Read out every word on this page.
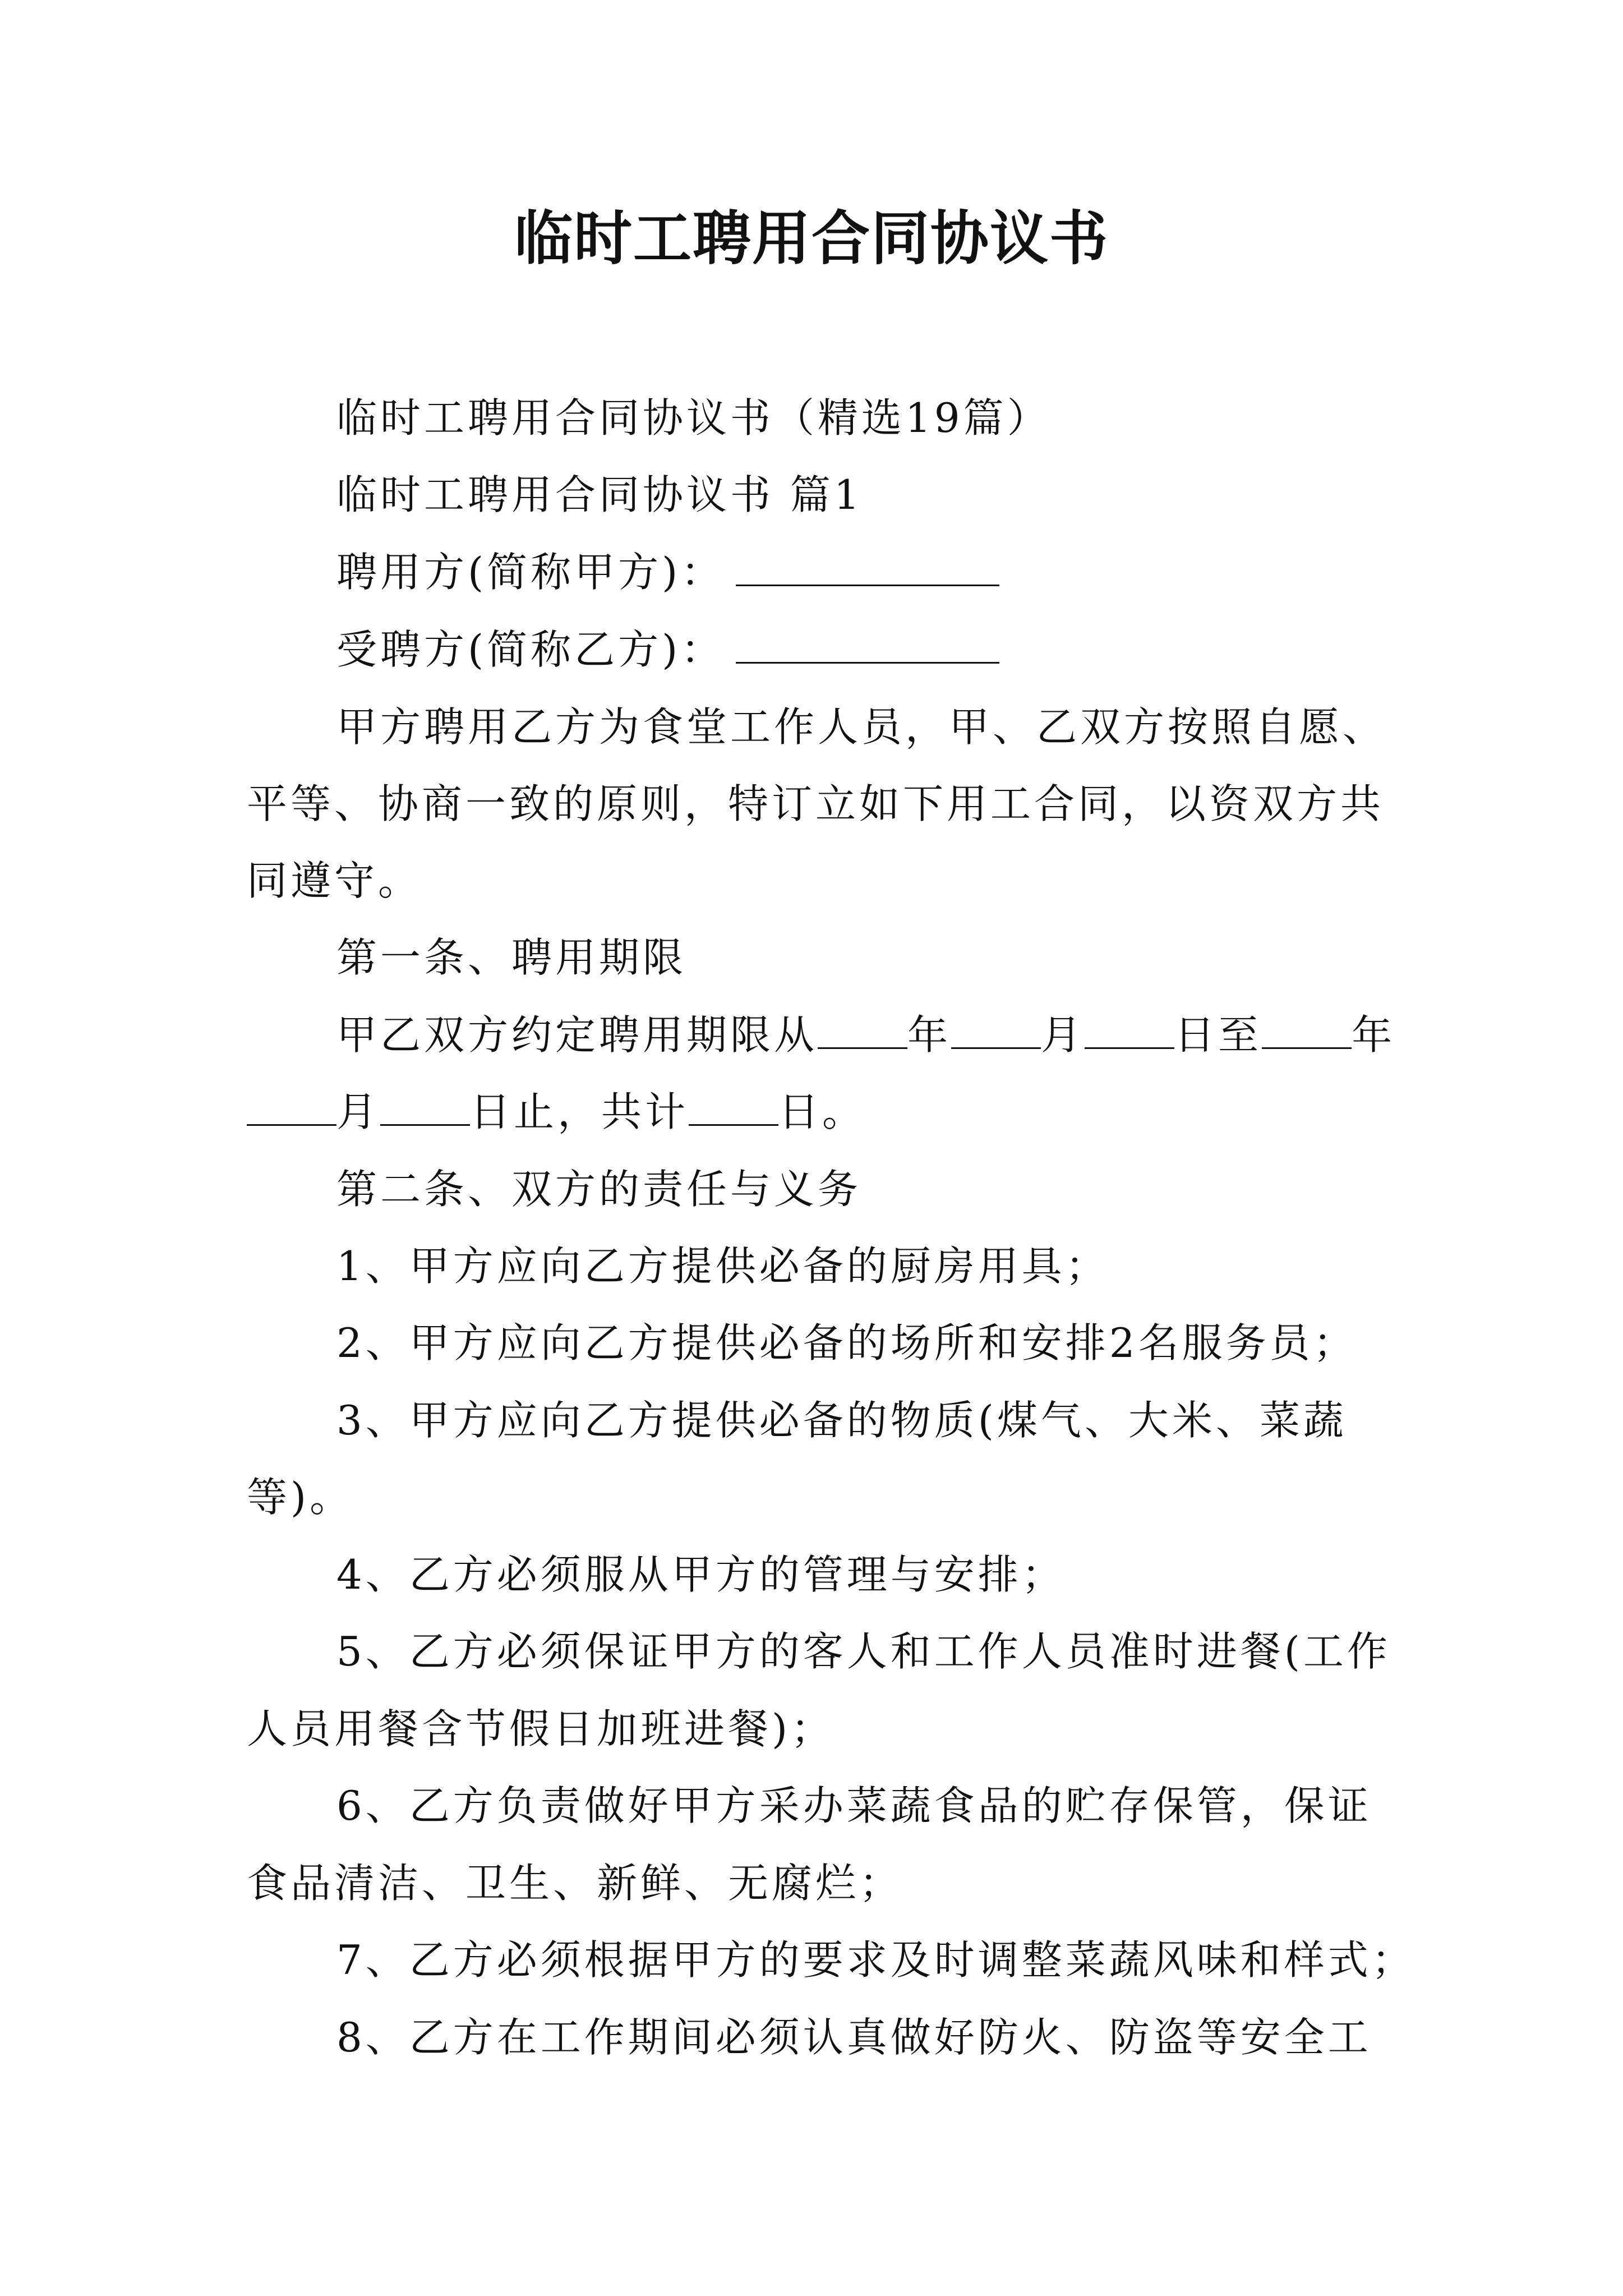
临时工聘用合同协议书
临时工聘用合同协议书（精选19篇）
临时工聘用合同协议书 篇1
聘用方(简称甲方)：
受聘方(简称乙方)：
甲方聘用乙方为食堂工作人员，甲、乙双方按照自愿、
平等、协商一致的原则，特订立如下用工合同，以资双方共
同遵守。
第一条、聘用期限
甲乙双方约定聘用期限从 年 月 日至 年
月 日止，共计 日。
第二条、双方的责任与义务
1、甲方应向乙方提供必备的厨房用具；
2、甲方应向乙方提供必备的场所和安排2名服务员；
3、甲方应向乙方提供必备的物质(煤气、大米、菜蔬
等)。
4、乙方必须服从甲方的管理与安排；
5、乙方必须保证甲方的客人和工作人员准时进餐(工作
人员用餐含节假日加班进餐)；
6、乙方负责做好甲方采办菜蔬食品的贮存保管，保证
食品清洁、卫生、新鲜、无腐烂；
7、乙方必须根据甲方的要求及时调整菜蔬风味和样式；
8、乙方在工作期间必须认真做好防火、防盗等安全工
